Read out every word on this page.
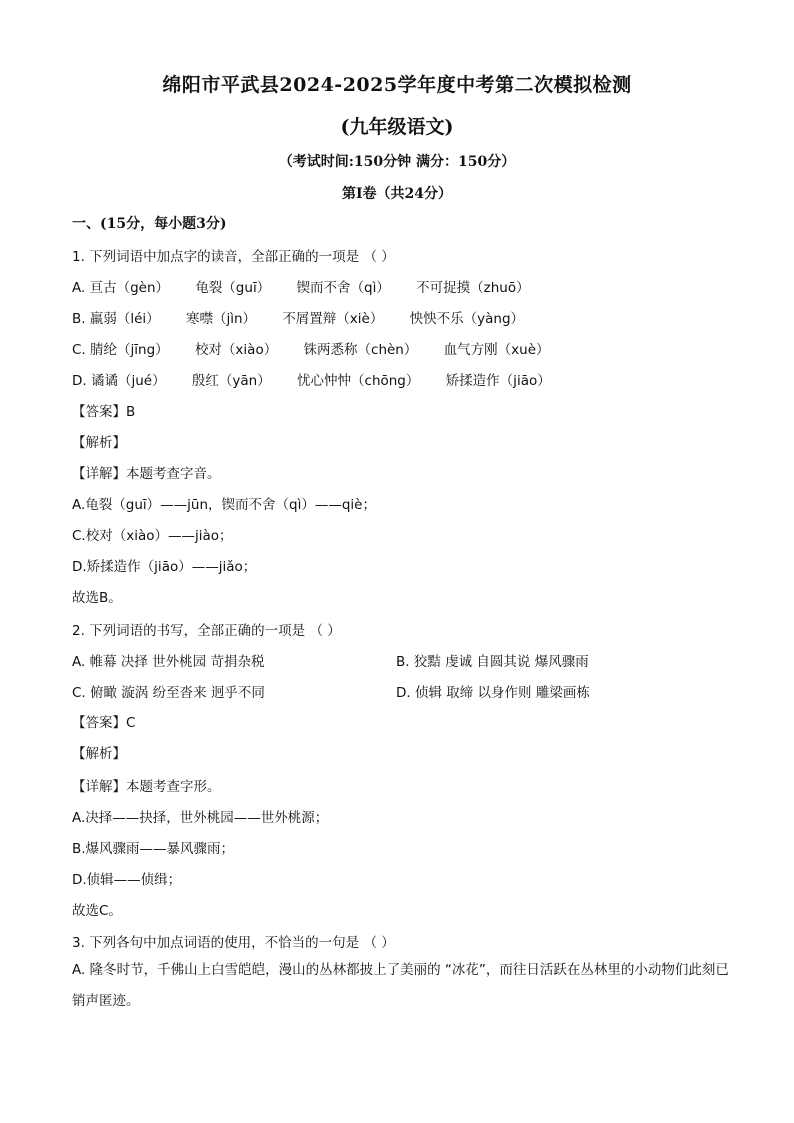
绵阳市平武县2024-2025学年度中考第二次模拟检测
(九年级语文)
（考试时间:150分钟 满分：150分）
第Ⅰ卷（共24分）
一、(15分，每小题3分)
1. 下列词语中加点字的读音，全部正确的一项是 （ ）
A. 亘古（gèn） 龟裂（guī） 锲而不舍（qì） 不可捉摸（zhuō）
B. 羸弱（léi） 寒噤（jìn） 不屑置辩（xiè） 怏怏不乐（yàng）
C. 腈纶（jīng） 校对（xiào） 铢两悉称（chèn） 血气方刚（xuè）
D. 谲谲（jué） 殷红（yān） 忧心忡忡（chōng） 矫揉造作（jiāo）
【答案】B
【解析】
【详解】本题考查字音。
A.龟裂（guī）——jūn，锲而不舍（qì）——qiè；
C.校对（xiào）——jiào；
D.矫揉造作（jiāo）——jiǎo；
故选B。
2. 下列词语的书写，全部正确的一项是 （ ）
A. 帷幕 决择 世外桃园 苛捐杂税	B. 狡黠 虔诚 自圆其说 爆风骤雨
C. 俯瞰 漩涡 纷至沓来 迥乎不同	D. 侦辑 取缔 以身作则 雕梁画栋
【答案】C
【解析】
【详解】本题考查字形。
A.决择——抉择，世外桃园——世外桃源；
B.爆风骤雨——暴风骤雨；
D.侦辑——侦缉；
故选C。
3. 下列各句中加点词语的使用，不恰当的一句是 （ ）
A. 隆冬时节，千佛山上白雪皑皑，漫山的丛林都披上了美丽的 “冰花”，而往日活跃在丛林里的小动物们此刻已销声匿迹。
